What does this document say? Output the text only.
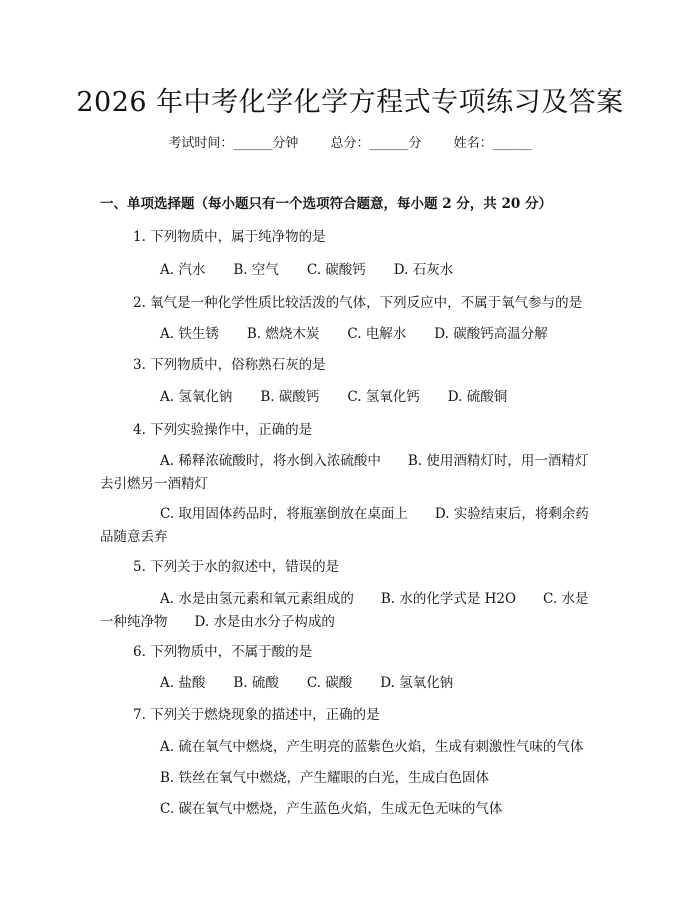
2026 年中考化学化学方程式专项练习及答案
考试时间：______分钟 总分：______分 姓名：______
一、单项选择题（每小题只有一个选项符合题意，每小题 2 分，共 20 分）
1. 下列物质中，属于纯净物的是
A. 汽水 B. 空气 C. 碳酸钙 D. 石灰水
2. 氧气是一种化学性质比较活泼的气体，下列反应中，不属于氧气参与的是
A. 铁生锈 B. 燃烧木炭 C. 电解水 D. 碳酸钙高温分解
3. 下列物质中，俗称熟石灰的是
A. 氢氧化钠 B. 碳酸钙 C. 氢氧化钙 D. 硫酸铜
4. 下列实验操作中，正确的是
A. 稀释浓硫酸时，将水倒入浓硫酸中　　B. 使用酒精灯时，用一酒精灯
去引燃另一酒精灯
C. 取用固体药品时，将瓶塞倒放在桌面上　　D. 实验结束后，将剩余药
品随意丢弃
5. 下列关于水的叙述中，错误的是
A. 水是由氢元素和氧元素组成的　　B. 水的化学式是 H2O　　C. 水是
一种纯净物　　D. 水是由水分子构成的
6. 下列物质中，不属于酸的是
A. 盐酸 B. 硫酸 C. 碳酸 D. 氢氧化钠
7. 下列关于燃烧现象的描述中，正确的是
A. 硫在氧气中燃烧，产生明亮的蓝紫色火焰，生成有刺激性气味的气体
B. 铁丝在氧气中燃烧，产生耀眼的白光，生成白色固体
C. 碳在氧气中燃烧，产生蓝色火焰，生成无色无味的气体
